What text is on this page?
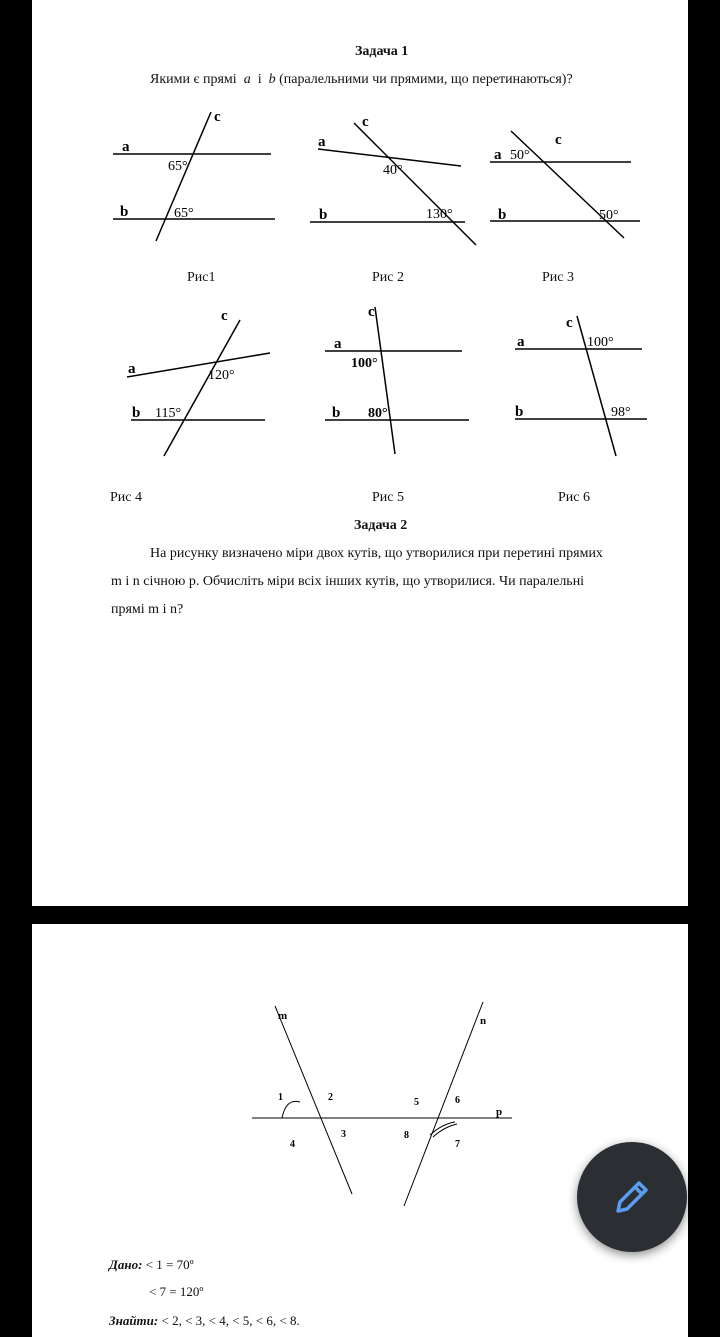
Задача 1
Якими є прямі a і b (паралельними чи прямими, що перетинаються)?
a
b
c
65°
65°
Рис1
a
b
c
40°
130°
Рис 2
a
b
c
50°
50°
Рис 3
a
b
c
120°
115°
Рис 4
a
b
c
100°
80°
Рис 5
a
b
c
100°
98°
Рис 6
Задача 2
На рисунку визначено міри двох кутів, що утворилися при перетині прямих
m і n січною p. Обчисліть міри всіх інших кутів, що утворилися. Чи паралельні
прямі m і n?
m	n
p
1	2
3
4
5	6
7
8
Дано: < 1 = 70º
< 7 = 120º
Знайти: < 2, < 3, < 4, < 5, < 6, < 8.
